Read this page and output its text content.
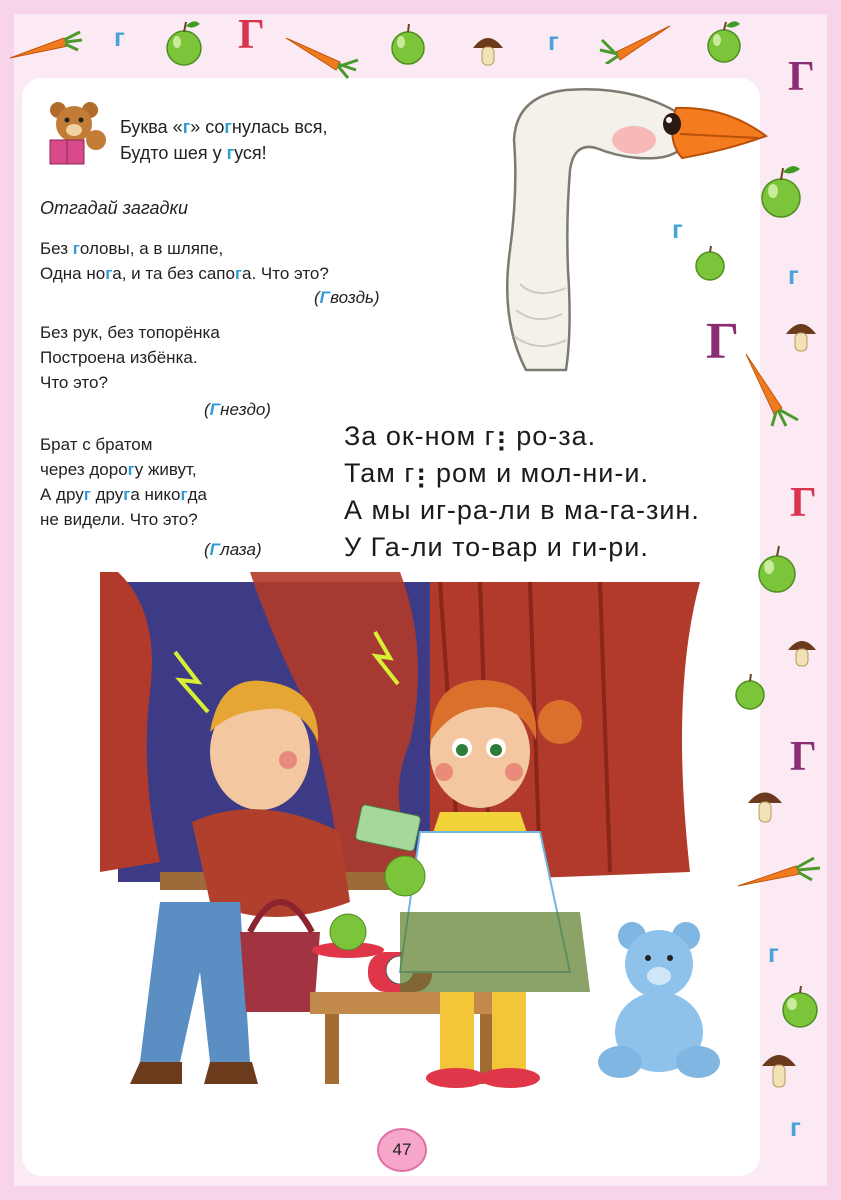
г	Г	г
Г
г
г
Г
Г
Г
г
г
Буква «г» согнулась вся,
Будто шея у гуся!
Отгадай загадки
Без головы, а в шляпе,
Одна нога, и та без сапога. Что это?
(Гвоздь)
Без рук, без топорёнка
Построена избёнка.
Что это?
(Гнездо)
Брат с братом
через дорогу живут,
А друг друга никогда
не видели. Что это?
(Глаза)
За ок-ном г⡆ро-за.
Там г⡆ром и мол-ни-и.
А мы иг-ра-ли в ма-га-зин.
У Га-ли то-вар и ги-ри.
47
